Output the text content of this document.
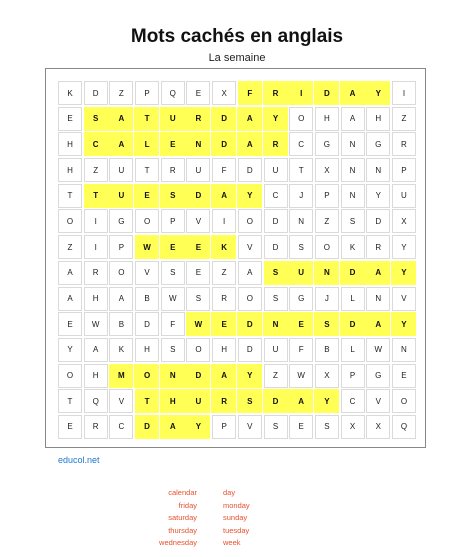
Mots cachés en anglais
La semaine
K	D	Z	P	Q	E	X	F	R	I	D	A	Y	I
E	S	A	T	U	R	D	A	Y	O	H	A	H	Z
H	C	A	L	E	N	D	A	R	C	G	N	G	R
H	Z	U	T	R	U	F	D	U	T	X	N	N	P
T	T	U	E	S	D	A	Y	C	J	P	N	Y	U
O	I	G	O	P	V	I	O	D	N	Z	S	D	X
Z	I	P	W	E	E	K	V	D	S	O	K	R	Y
A	R	O	V	S	E	Z	A	S	U	N	D	A	Y
A	H	A	B	W	S	R	O	S	G	J	L	N	V
E	W	B	D	F	W	E	D	N	E	S	D	A	Y
Y	A	K	H	S	O	H	D	U	F	B	L	W	N
O	H	M	O	N	D	A	Y	Z	W	X	P	G	E
T	Q	V	T	H	U	R	S	D	A	Y	C	V	O
E	R	C	D	A	Y	P	V	S	E	S	X	X	Q
educol.net
calendar
friday
saturday
thursday
wednesday
day
monday
sunday
tuesday
week
